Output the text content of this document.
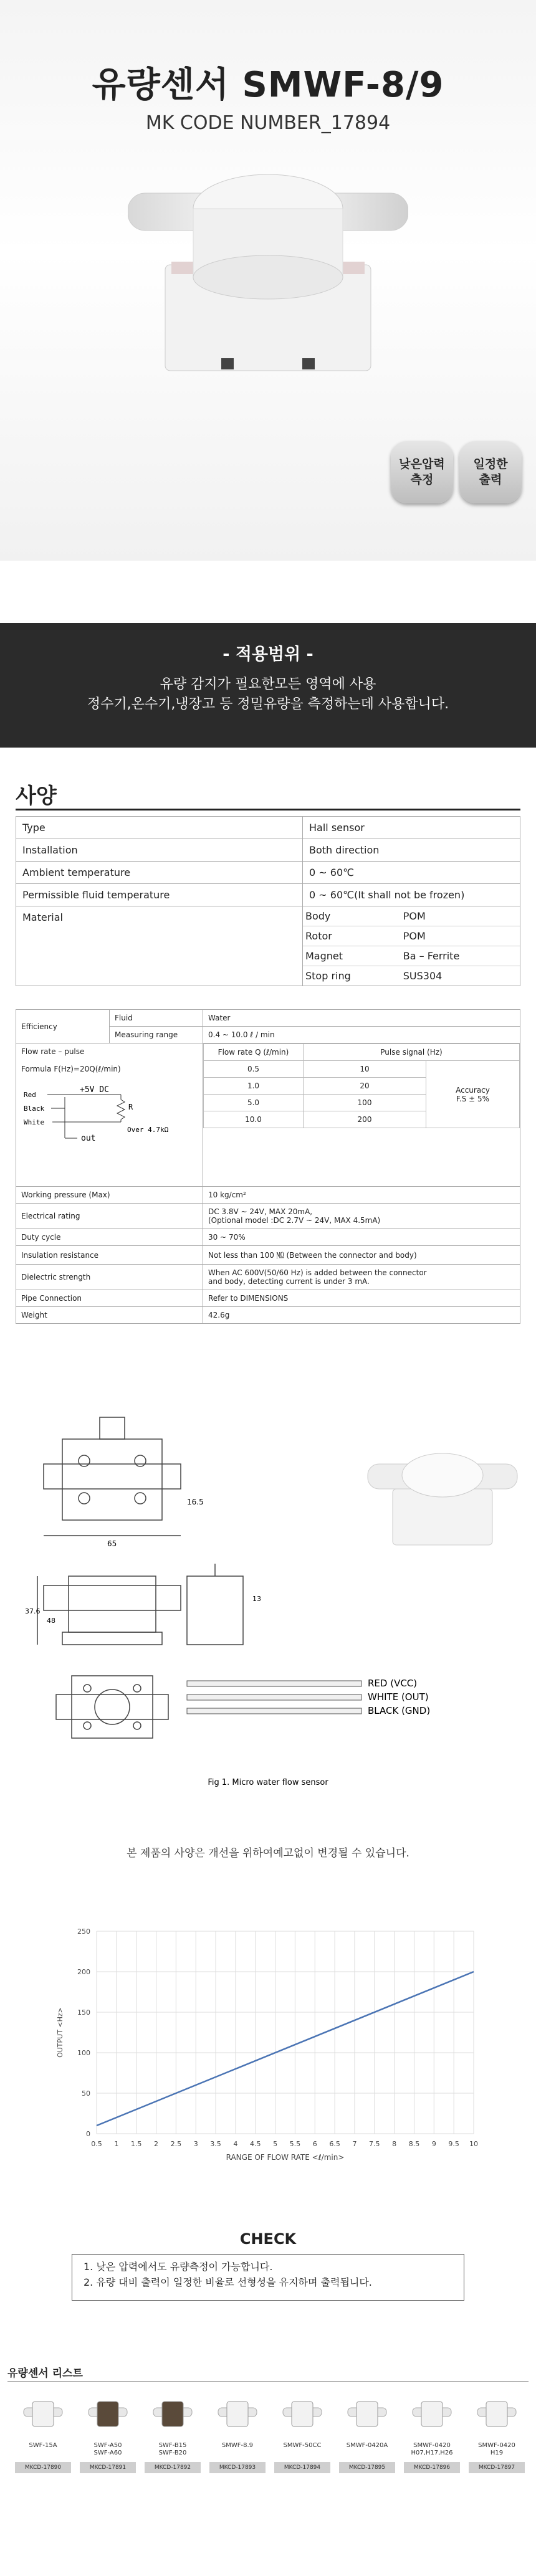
유량센서 SMWF-8/9
MK CODE NUMBER_17894
낮은압력
측정
일정한
출력
- 적용범위 -
유량 감지가 필요한모든 영역에 사용
정수기,온수기,냉장고 등 정밀유량을 측정하는데 사용합니다.
사양
Type	Hall sensor
Installation	Both direction
Ambient temperature	0 ~ 60℃
Permissible fluid temperature	0 ~ 60℃(It shall not be frozen)
Material		Body	POM
Rotor	POM
Magnet	Ba – Ferrite
Stop ring	SUS304
Efficiency	Fluid	Water
Measuring range	0.4 ~ 10.0 ℓ / min

Flow rate – pulse
Formula F(Hz)=20Q(ℓ/min)
Red
Black
White
+5V DC
out
R
Over 4.7kΩ

Flow rate Q (ℓ/min)	Pulse signal (Hz)
0.5	10	Accuracy
F.S ± 5%
1.0	20
5.0	100
10.0	200

Working pressure (Max)	10 kg/cm²
Electrical rating	DC 3.8V ~ 24V, MAX 20mA,
(Optional model :DC 2.7V ~ 24V, MAX 4.5mA)
Duty cycle	30 ~ 70%
Insulation resistance	Not less than 100 ㏁ (Between the connector and body)
Dielectric strength	When AC 600V(50/60 Hz) is added between the connector
and body, detecting current is under 3 mA.
Pipe Connection	Refer to DIMENSIONS
Weight	42.6g
65
16.5
37.6
48
13
RED (VCC)
WHITE (OUT)
BLACK (GND)
Fig 1. Micro water flow sensor
본 제품의 사양은 개선을 위하여예고없이 변경될 수 있습니다.
0
50
100
150
200
250
0.5 1 1.5 2 2.5 3 3.5 4 4.5 5 5.5 6 6.5 7 7.5 8 8.5 9 9.5 10
RANGE OF FLOW RATE <ℓ/min>
OUTPUT <Hz>
CHECK
1. 낮은 압력에서도 유량측정이 가능합니다.
2. 유량 대비 출력이 일정한 비율로 선형성을 유지하며 출력됩니다.
유량센서 리스트
SWF-15A
MKCD-17890
SWF-A50
SWF-A60
MKCD-17891
SWF-B15
SWF-B20
MKCD-17892
SMWF-8.9
MKCD-17893
SMWF-50CC
MKCD-17894
SMWF-0420A
MKCD-17895
SMWF-0420
H07,H17,H26
MKCD-17896
SMWF-0420
H19
MKCD-17897
